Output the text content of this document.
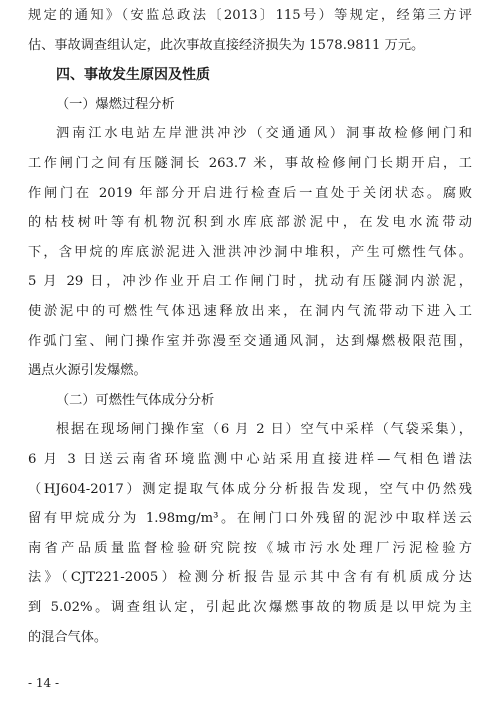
- 14 -
规定的通知》（安监总政法〔2013〕115号）等规定，经第三方评
估、事故调查组认定，此次事故直接经济损失为 1578.9811 万元。
四、事故发生原因及性质
（一）爆燃过程分析
泗南江水电站左岸泄洪冲沙（交通通风）洞事故检修闸门和
工作闸门之间有压隧洞长 263.7 米，事故检修闸门长期开启，工
作闸门在 2019 年部分开启进行检查后一直处于关闭状态。腐败
的枯枝树叶等有机物沉积到水库底部淤泥中，在发电水流带动
下，含甲烷的库底淤泥进入泄洪冲沙洞中堆积，产生可燃性气体。
5 月 29 日，冲沙作业开启工作闸门时，扰动有压隧洞内淤泥，
使淤泥中的可燃性气体迅速释放出来，在洞内气流带动下进入工
作弧门室、闸门操作室并弥漫至交通通风洞，达到爆燃极限范围，
遇点火源引发爆燃。
（二）可燃性气体成分分析
根据在现场闸门操作室（6 月 2 日）空气中采样（气袋采集），
6 月 3 日送云南省环境监测中心站采用直接进样—气相色谱法
（HJ604-2017）测定提取气体成分分析报告发现，空气中仍然残
留有甲烷成分为 1.98mg/m³。在闸门口外残留的泥沙中取样送云
南省产品质量监督检验研究院按《城市污水处理厂污泥检验方
法》（CJT221-2005）检测分析报告显示其中含有有机质成分达
到 5.02%。调查组认定，引起此次爆燃事故的物质是以甲烷为主
的混合气体。
